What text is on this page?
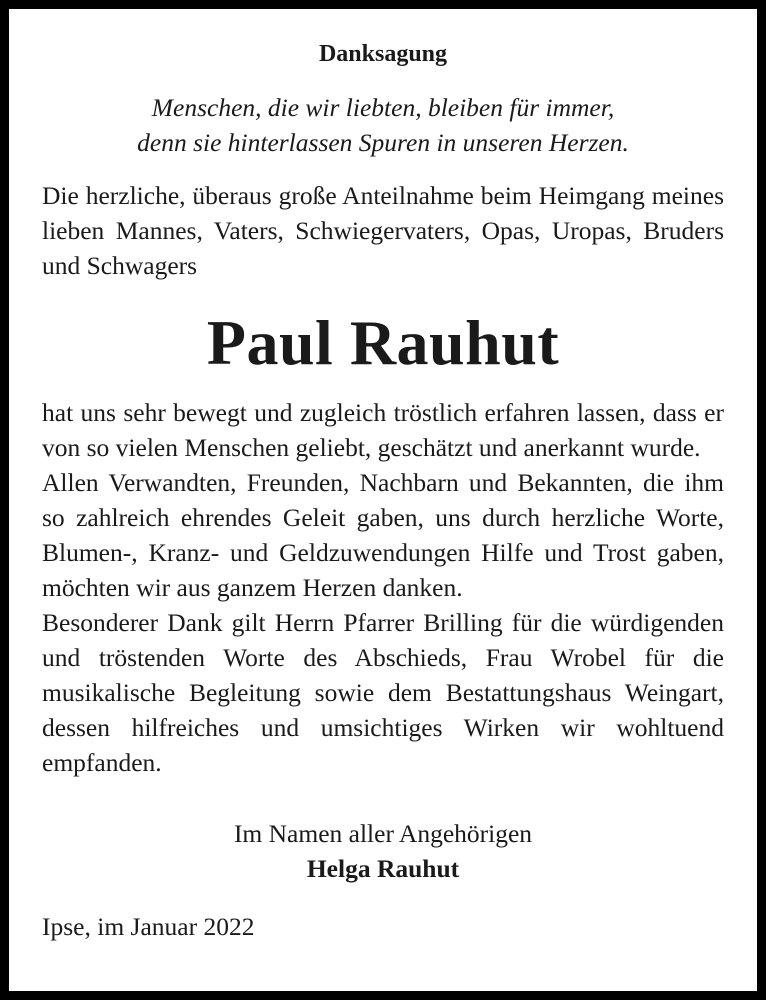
Danksagung
Menschen, die wir liebten, bleiben für immer,
denn sie hinterlassen Spuren in unseren Herzen.

Die herzliche, überaus große Anteilnahme beim Heimgang meines lieben Mannes, Vaters, Schwiegervaters, Opas, Uropas, Bruders und Schwagers

Paul Rauhut

hat uns sehr bewegt und zugleich tröstlich erfahren lassen, dass er von so vielen Menschen geliebt, geschätzt und anerkannt wurde.

Allen Verwandten, Freunden, Nachbarn und Bekannten, die ihm so zahlreich ehrendes Geleit gaben, uns durch herzliche Worte, Blumen-, Kranz- und Geldzuwendungen Hilfe und Trost gaben, möchten wir aus ganzem Herzen danken.

Besonderer Dank gilt Herrn Pfarrer Brilling für die würdigenden und tröstenden Worte des Abschieds, Frau Wrobel für die musikalische Begleitung sowie dem Bestattungshaus Weingart, dessen hilfreiches und umsichtiges Wirken wir wohltuend empfanden.

Im Namen aller Angehörigen
Helga Rauhut

Ipse, im Januar 2022
